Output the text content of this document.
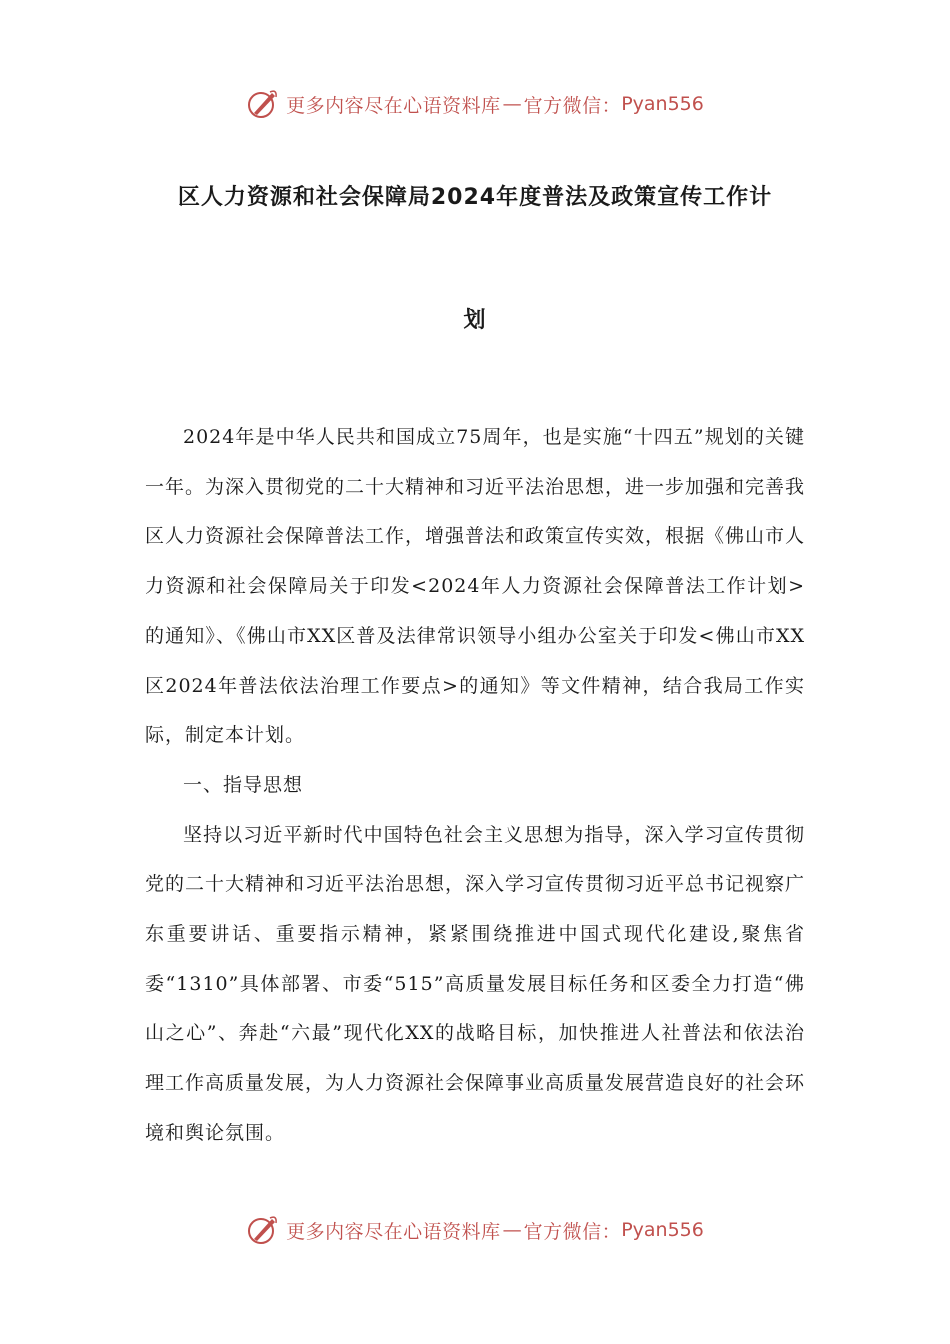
更多内容尽在心语资料库 — 官方微信： Pyan556
区人力资源和社会保障局2024年度普法及政策宣传工作计
划

2024年是中华人民共和国成立75周年，也是实施“十四五”规划的关键一年。为深入贯彻党的二十大精神和习近平法治思想，进一步加强和完善我区人力资源社会保障普法工作，增强普法和政策宣传实效，根据《佛山市人力资源和社会保障局关于印发<2024年人力资源社会保障普法工作计划>的通知》、《佛山市XX区普及法律常识领导小组办公室关于印发<佛山市XX区2024年普法依法治理工作要点>的通知》等文件精神，结合我局工作实际，制定本计划。

一、指导思想

坚持以习近平新时代中国特色社会主义思想为指导，深入学习宣传贯彻党的二十大精神和习近平法治思想，深入学习宣传贯彻习近平总书记视察广东重要讲话、重要指示精神，紧紧围绕推进中国式现代化建设,聚焦省委“1310”具体部署、市委“515”高质量发展目标任务和区委全力打造“佛山之心”、奔赴“六最”现代化XX的战略目标，加快推进人社普法和依法治理工作高质量发展，为人力资源社会保障事业高质量发展营造良好的社会环境和舆论氛围。

更多内容尽在心语资料库 — 官方微信： Pyan556
